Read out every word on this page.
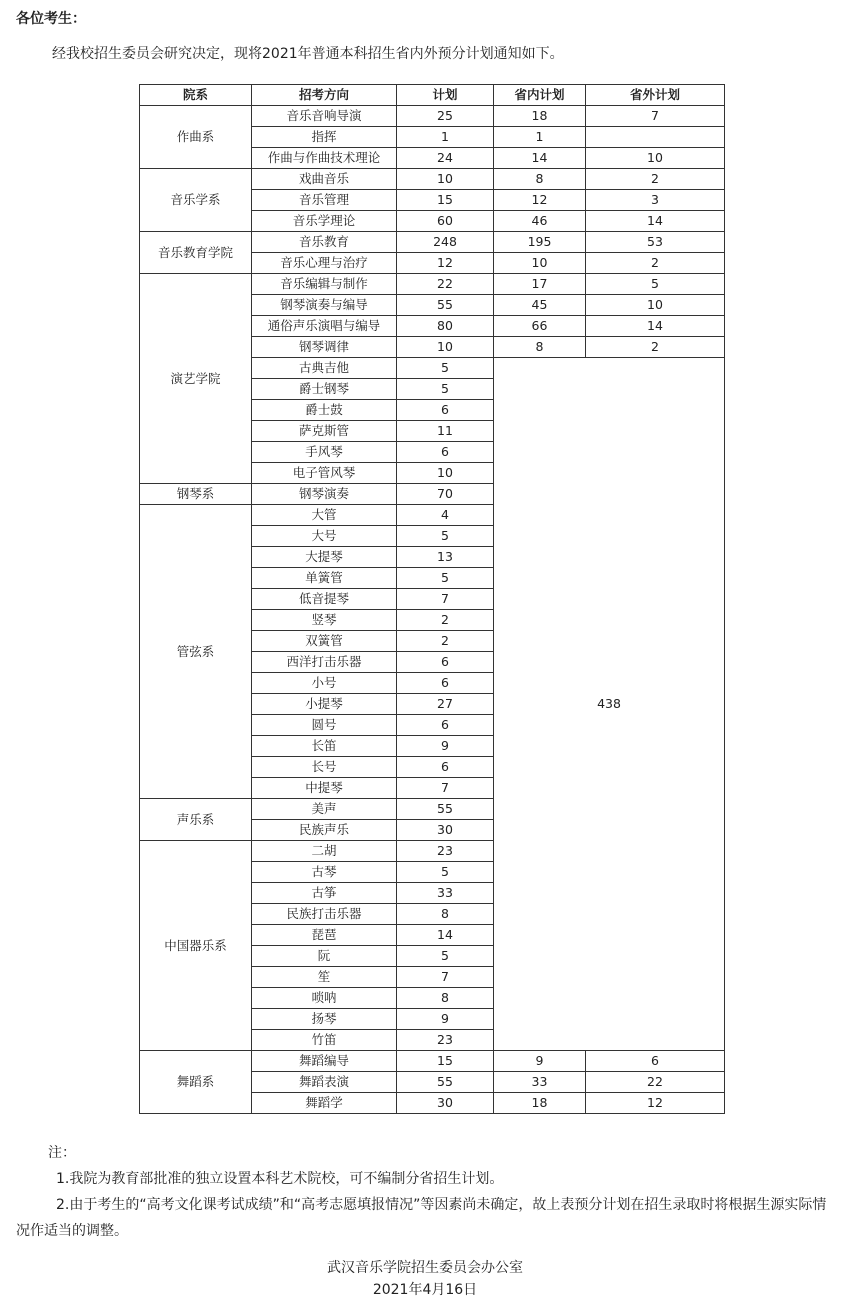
各位考生：
经我校招生委员会研究决定，现将2021年普通本科招生省内外预分计划通知如下。
院系	招考方向	计划	省内计划	省外计划
作曲系	音乐音响导演	25	18	7
	指挥	1	1	
	作曲与作曲技术理论	24	14	10
音乐学系	戏曲音乐	10	8	2
	音乐管理	15	12	3
	音乐学理论	60	46	14
音乐教育学院	音乐教育	248	195	53
	音乐心理与治疗	12	10	2
演艺学院	音乐编辑与制作	22	17	5
	钢琴演奏与编导	55	45	10
	通俗声乐演唱与编导	80	66	14
	钢琴调律	10	8	2
	古典吉他	5	438	
	爵士钢琴	5		
	爵士鼓	6		
	萨克斯管	11		
	手风琴	6		
	电子管风琴	10		
钢琴系	钢琴演奏	70		
管弦系	大管	4		
	大号	5		
	大提琴	13		
	单簧管	5		
	低音提琴	7		
	竖琴	2		
	双簧管	2		
	西洋打击乐器	6		
	小号	6		
	小提琴	27		
	圆号	6		
	长笛	9		
	长号	6		
	中提琴	7		
声乐系	美声	55		
	民族声乐	30		
中国器乐系	二胡	23		
	古琴	5		
	古筝	33		
	民族打击乐器	8		
	琵琶	14		
	阮	5		
	笙	7		
	唢呐	8		
	扬琴	9		
	竹笛	23		
舞蹈系	舞蹈编导	15	9	6
	舞蹈表演	55	33	22
	舞蹈学	30	18	12
注：
1.我院为教育部批准的独立设置本科艺术院校，可不编制分省招生计划。
2.由于考生的“高考文化课考试成绩”和“高考志愿填报情况”等因素尚未确定，故上表预分计划在招生录取时将根据生源实际情况作适当的调整。
武汉音乐学院招生委员会办公室
2021年4月16日
